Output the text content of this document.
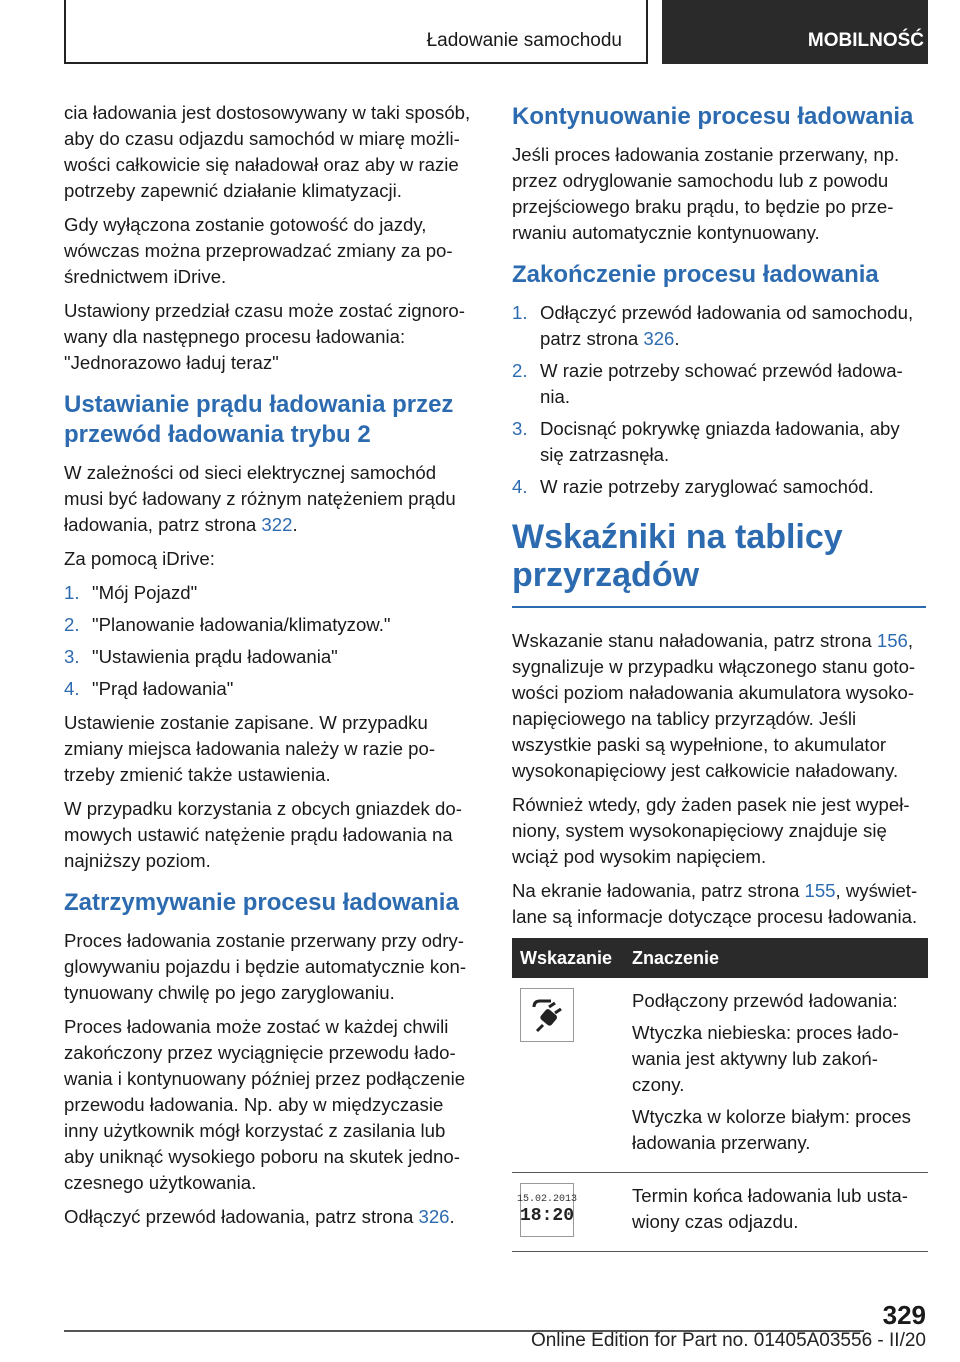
Ładowanie samochodu	MOBILNOŚĆ

cia ładowania jest dostosowywany w taki sposób, aby do czasu odjazdu samochód w miarę możliwości całkowicie się naładował oraz aby w razie potrzeby zapewnić działanie klimatyzacji.

Gdy wyłączona zostanie gotowość do jazdy, wówczas można przeprowadzać zmiany za pośrednictwem iDrive.

Ustawiony przedział czasu może zostać zignorowany dla następnego procesu ładowania: "Jednorazowo ładuj teraz"

Ustawianie prądu ładowania przez przewód ładowania trybu 2

W zależności od sieci elektrycznej samochód musi być ładowany z różnym natężeniem prądu ładowania, patrz strona 322.

Za pomocą iDrive:

1. "Mój Pojazd"
2. "Planowanie ładowania/klimatyzow."
3. "Ustawienia prądu ładowania"
4. "Prąd ładowania"

Ustawienie zostanie zapisane. W przypadku zmiany miejsca ładowania należy w razie potrzeby zmienić także ustawienia.

W przypadku korzystania z obcych gniazdek domowych ustawić natężenie prądu ładowania na najniższy poziom.

Zatrzymywanie procesu ładowania

Proces ładowania zostanie przerwany przy odryglowywaniu pojazdu i będzie automatycznie kontynuowany chwilę po jego zaryglowaniu.

Proces ładowania może zostać w każdej chwili zakończony przez wyciągnięcie przewodu ładowania i kontynuowany później przez podłączenie przewodu ładowania. Np. aby w międzyczasie inny użytkownik mógł korzystać z zasilania lub aby uniknąć wysokiego poboru na skutek jednoczesnego użytkowania.

Odłączyć przewód ładowania, patrz strona 326.

Kontynuowanie procesu ładowania

Jeśli proces ładowania zostanie przerwany, np. przez odryglowanie samochodu lub z powodu przejściowego braku prądu, to będzie po przerwaniu automatycznie kontynuowany.

Zakończenie procesu ładowania
1. Odłączyć przewód ładowania od samochodu, patrz strona 326.
2. W razie potrzeby schować przewód ładowania.
3. Docisnąć pokrywkę gniazda ładowania, aby się zatrzasnęła.
4. W razie potrzeby zaryglować samochód.
Wskaźniki na tablicy przyrządów

Wskazanie stanu naładowania, patrz strona 156, sygnalizuje w przypadku włączonego stanu gotowości poziom naładowania akumulatora wysokonapięciowego na tablicy przyrządów. Jeśli wszystkie paski są wypełnione, to akumulator wysokonapięciowy jest całkowicie naładowany.

Również wtedy, gdy żaden pasek nie jest wypełniony, system wysokonapięciowy znajduje się wciąż pod wysokim napięciem.

Na ekranie ładowania, patrz strona 155, wyświetlane są informacje dotyczące procesu ładowania.

Wskazanie	Znaczenie

Podłączony przewód ładowania:

Wtyczka niebieska: proces ładowania jest aktywny lub zakończony.

Wtyczka w kolorze białym: proces ładowania przerwany.

15.02.2013
18:20	Termin końca ładowania lub ustawiony czas odjazdu.

329
Online Edition for Part no. 01405A03556 - II/20
